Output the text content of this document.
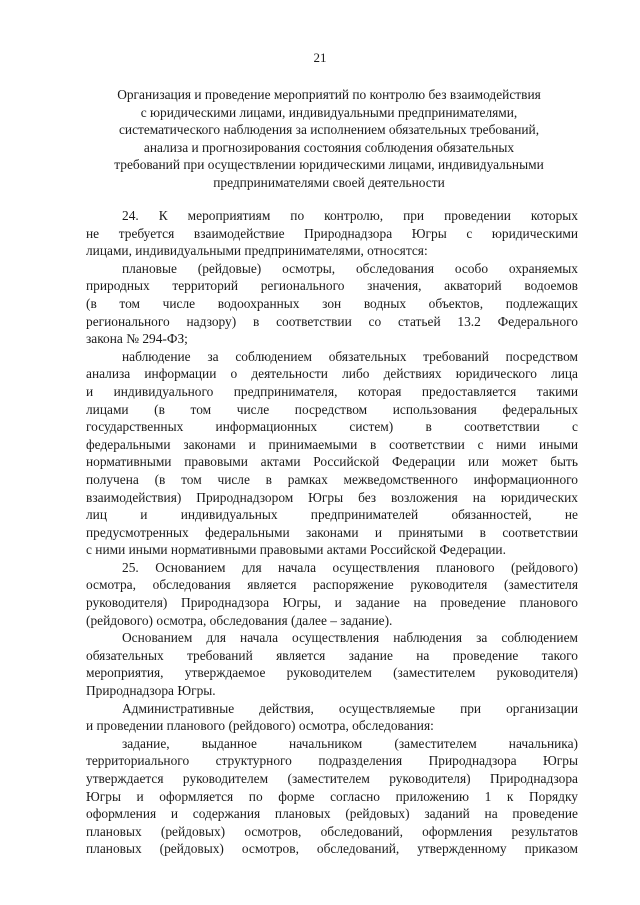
21
Организация и проведение мероприятий по контролю без взаимодействия
с юридическими лицами, индивидуальными предпринимателями,
систематического наблюдения за исполнением обязательных требований,
анализа и прогнозирования состояния соблюдения обязательных
требований при осуществлении юридическими лицами, индивидуальными
предпринимателями своей деятельности
24. К мероприятиям по контролю, при проведении которых
не требуется взаимодействие Природнадзора Югры с юридическими
лицами, индивидуальными предпринимателями, относятся:
плановые (рейдовые) осмотры, обследования особо охраняемых
природных территорий регионального значения, акваторий водоемов
(в том числе водоохранных зон водных объектов, подлежащих
регионального надзору) в соответствии со статьей 13.2 Федерального
закона № 294-ФЗ;
наблюдение за соблюдением обязательных требований посредством
анализа информации о деятельности либо действиях юридического лица
и индивидуального предпринимателя, которая предоставляется такими
лицами (в том числе посредством использования федеральных
государственных информационных систем) в соответствии с
федеральными законами и принимаемыми в соответствии с ними иными
нормативными правовыми актами Российской Федерации или может быть
получена (в том числе в рамках межведомственного информационного
взаимодействия) Природнадзором Югры без возложения на юридических
лиц и индивидуальных предпринимателей обязанностей, не
предусмотренных федеральными законами и принятыми в соответствии
с ними иными нормативными правовыми актами Российской Федерации.
25. Основанием для начала осуществления планового (рейдового)
осмотра, обследования является распоряжение руководителя (заместителя
руководителя) Природнадзора Югры, и задание на проведение планового
(рейдового) осмотра, обследования (далее – задание).
Основанием для начала осуществления наблюдения за соблюдением
обязательных требований является задание на проведение такого
мероприятия, утверждаемое руководителем (заместителем руководителя)
Природнадзора Югры.
Административные действия, осуществляемые при организации
и проведении планового (рейдового) осмотра, обследования:
задание, выданное начальником (заместителем начальника)
территориального структурного подразделения Природнадзора Югры
утверждается руководителем (заместителем руководителя) Природнадзора
Югры и оформляется по форме согласно приложению 1 к Порядку
оформления и содержания плановых (рейдовых) заданий на проведение
плановых (рейдовых) осмотров, обследований, оформления результатов
плановых (рейдовых) осмотров, обследований, утвержденному приказом
